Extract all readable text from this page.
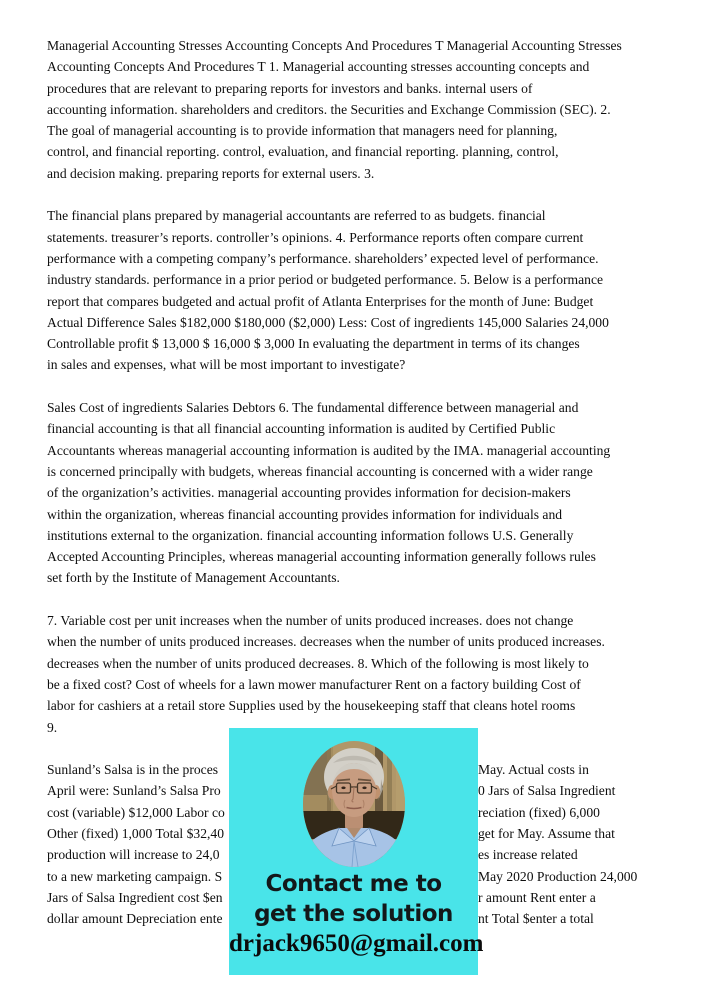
Managerial Accounting Stresses Accounting Concepts And Procedures T Managerial Accounting Stresses
Accounting Concepts And Procedures T 1. Managerial accounting stresses accounting concepts and
procedures that are relevant to preparing reports for investors and banks. internal users of
accounting information. shareholders and creditors. the Securities and Exchange Commission (SEC). 2.
The goal of managerial accounting is to provide information that managers need for planning,
control, and financial reporting. control, evaluation, and financial reporting. planning, control,
and decision making. preparing reports for external users. 3.
The financial plans prepared by managerial accountants are referred to as budgets. financial
statements. treasurer’s reports. controller’s opinions. 4. Performance reports often compare current
performance with a competing company’s performance. shareholders’ expected level of performance.
industry standards. performance in a prior period or budgeted performance. 5. Below is a performance
report that compares budgeted and actual profit of Atlanta Enterprises for the month of June: Budget
Actual Difference Sales $182,000 $180,000 ($2,000) Less: Cost of ingredients 145,000 Salaries 24,000
Controllable profit $ 13,000 $ 16,000 $ 3,000 In evaluating the department in terms of its changes
in sales and expenses, what will be most important to investigate?
Sales Cost of ingredients Salaries Debtors 6. The fundamental difference between managerial and
financial accounting is that all financial accounting information is audited by Certified Public
Accountants whereas managerial accounting information is audited by the IMA. managerial accounting
is concerned principally with budgets, whereas financial accounting is concerned with a wider range
of the organization’s activities. managerial accounting provides information for decision-makers
within the organization, whereas financial accounting provides information for individuals and
institutions external to the organization. financial accounting information follows U.S. Generally
Accepted Accounting Principles, whereas managerial accounting information generally follows rules
set forth by the Institute of Management Accountants.
7. Variable cost per unit increases when the number of units produced increases. does not change
when the number of units produced increases. decreases when the number of units produced increases.
decreases when the number of units produced decreases. 8. Which of the following is most likely to
be a fixed cost? Cost of wheels for a lawn mower manufacturer Rent on a factory building Cost of
labor for cashiers at a retail store Supplies used by the housekeeping staff that cleans hotel rooms
9.
Sunland’s Salsa is in the proces	May. Actual costs in
April were: Sunland’s Salsa Pro	0 Jars of Salsa Ingredient
cost (variable) $12,000 Labor co	reciation (fixed) 6,000
Other (fixed) 1,000 Total $32,40	get for May. Assume that
production will increase to 24,0	es increase related
to a new marketing campaign. S	May 2020 Production 24,000
Jars of Salsa Ingredient cost $en	r amount Rent enter a
dollar amount Depreciation ente	nt Total $enter a total
Contact me to
get the solution
drjack9650@gmail.com
